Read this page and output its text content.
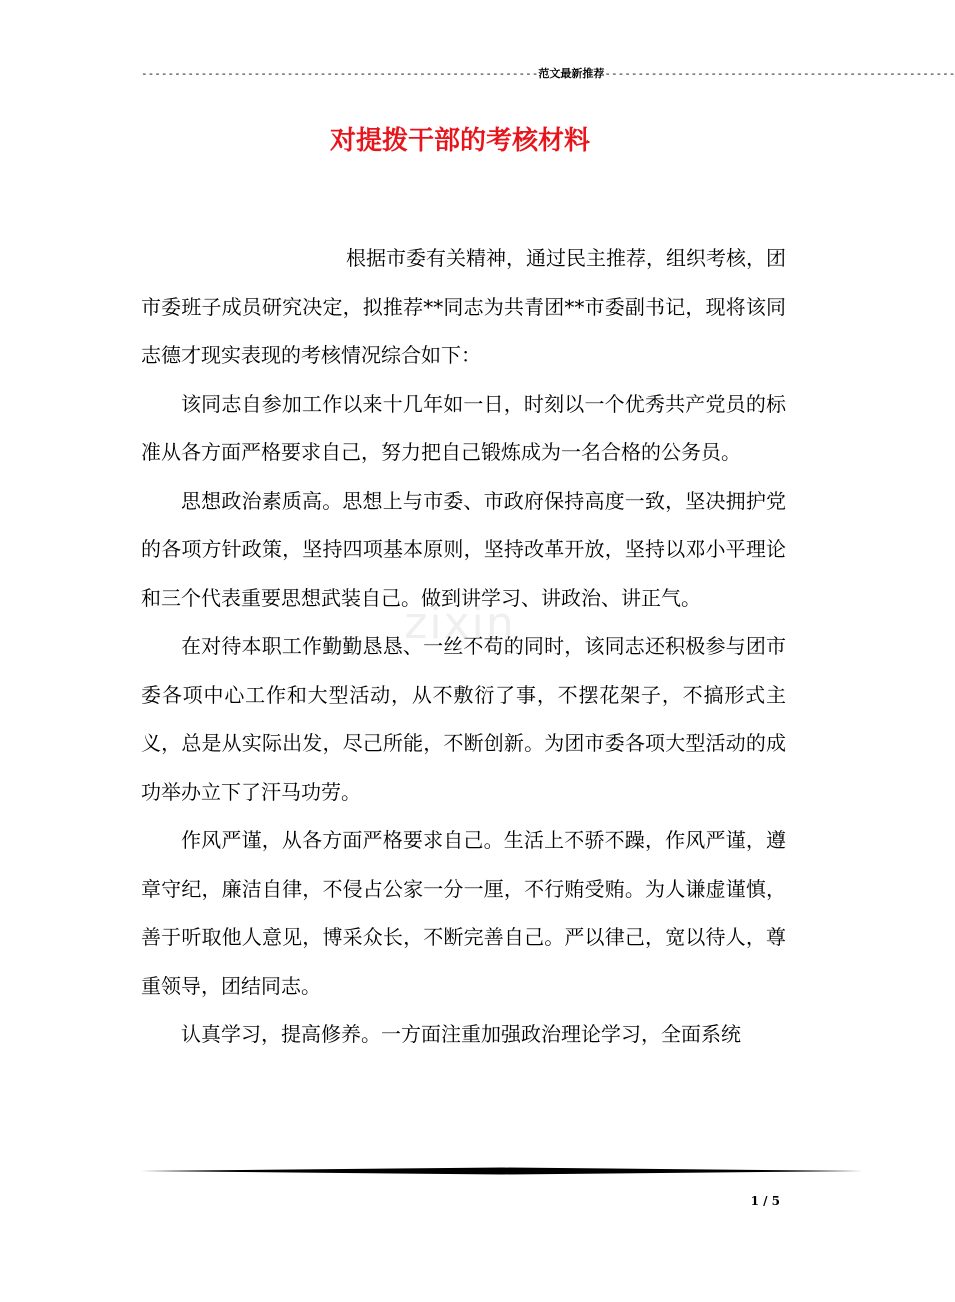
------------------------------------------------------------范文最新推荐-----------------------------------------------------
对提拨干部的考核材料
zixin

根据市委有关精神，通过民主推荐，组织考核，团市委班子成员研究决定，拟推荐**同志为共青团**市委副书记，现将该同志德才现实表现的考核情况综合如下：

该同志自参加工作以来十几年如一日，时刻以一个优秀共产党员的标准从各方面严格要求自己，努力把自己锻炼成为一名合格的公务员。

思想政治素质高。思想上与市委、市政府保持高度一致，坚决拥护党的各项方针政策，坚持四项基本原则，坚持改革开放，坚持以邓小平理论和三个代表重要思想武装自己。做到讲学习、讲政治、讲正气。

在对待本职工作勤勤恳恳、一丝不苟的同时，该同志还积极参与团市委各项中心工作和大型活动，从不敷衍了事，不摆花架子，不搞形式主义，总是从实际出发，尽己所能，不断创新。为团市委各项大型活动的成功举办立下了汗马功劳。

作风严谨，从各方面严格要求自己。生活上不骄不躁，作风严谨，遵章守纪，廉洁自律，不侵占公家一分一厘，不行贿受贿。为人谦虚谨慎，善于听取他人意见，博采众长，不断完善自己。严以律己，宽以待人，尊重领导，团结同志。

认真学习，提高修养。一方面注重加强政治理论学习，全面系统

1 / 5
